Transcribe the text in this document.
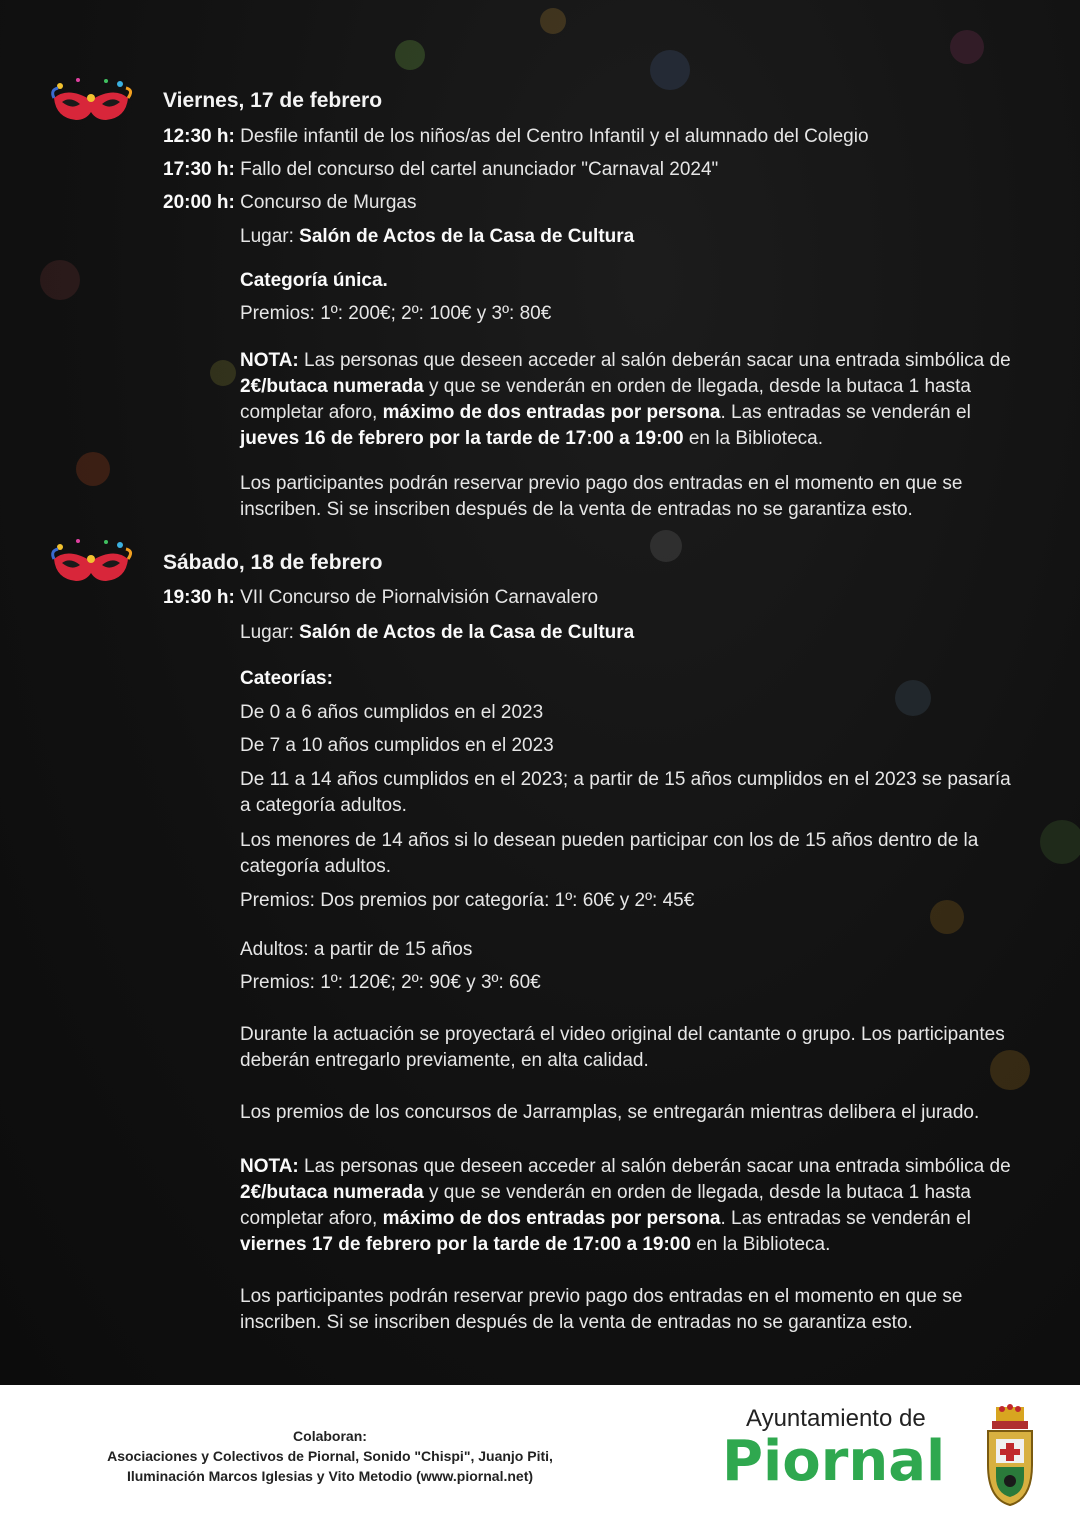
Viernes, 17 de febrero
12:30 h: Desfile infantil de los niños/as del Centro Infantil y el alumnado del Colegio
17:30 h: Fallo del concurso del cartel anunciador "Carnaval 2024"
20:00 h: Concurso de Murgas
Lugar: Salón de Actos de la Casa de Cultura
Categoría única.
Premios: 1º: 200€; 2º: 100€ y 3º: 80€
NOTA: Las personas que deseen acceder al salón deberán sacar una entrada simbólica de 2€/butaca numerada y que se venderán en orden de llegada, desde la butaca 1 hasta completar aforo, máximo de dos entradas por persona. Las entradas se venderán el jueves 16 de febrero por la tarde de 17:00 a 19:00 en la Biblioteca.
Los participantes podrán reservar previo pago dos entradas en el momento en que se inscriben. Si se inscriben después de la venta de entradas no se garantiza esto.
Sábado, 18 de febrero
19:30 h: VII Concurso de Piornalvisión Carnavalero
Lugar: Salón de Actos de la Casa de Cultura
Cateorías:
De 0 a 6 años cumplidos en el 2023
De 7 a 10 años cumplidos en el 2023
De 11 a 14 años cumplidos en el 2023; a partir de 15 años cumplidos en el 2023 se pasaría a categoría adultos.
Los menores de 14 años si lo desean pueden participar con los de 15 años dentro de la categoría adultos.
Premios: Dos premios por categoría: 1º: 60€ y 2º: 45€
Adultos: a partir de 15 años
Premios: 1º: 120€; 2º: 90€ y 3º: 60€
Durante la actuación se proyectará el video original del cantante o grupo. Los participantes deberán entregarlo previamente, en alta calidad.
Los premios de los concursos de Jarramplas, se entregarán mientras delibera el jurado.
NOTA: Las personas que deseen acceder al salón deberán sacar una entrada simbólica de 2€/butaca numerada y que se venderán en orden de llegada, desde la butaca 1 hasta completar aforo, máximo de dos entradas por persona. Las entradas se venderán el viernes 17 de febrero por la tarde de 17:00 a 19:00 en la Biblioteca.
Los participantes podrán reservar previo pago dos entradas en el momento en que se inscriben. Si se inscriben después de la venta de entradas no se garantiza esto.
Colaboran:
Asociaciones y Colectivos de Piornal, Sonido "Chispi", Juanjo Piti,
Iluminación Marcos Iglesias y Vito Metodio (www.piornal.net)
Ayuntamiento de
Piornal
